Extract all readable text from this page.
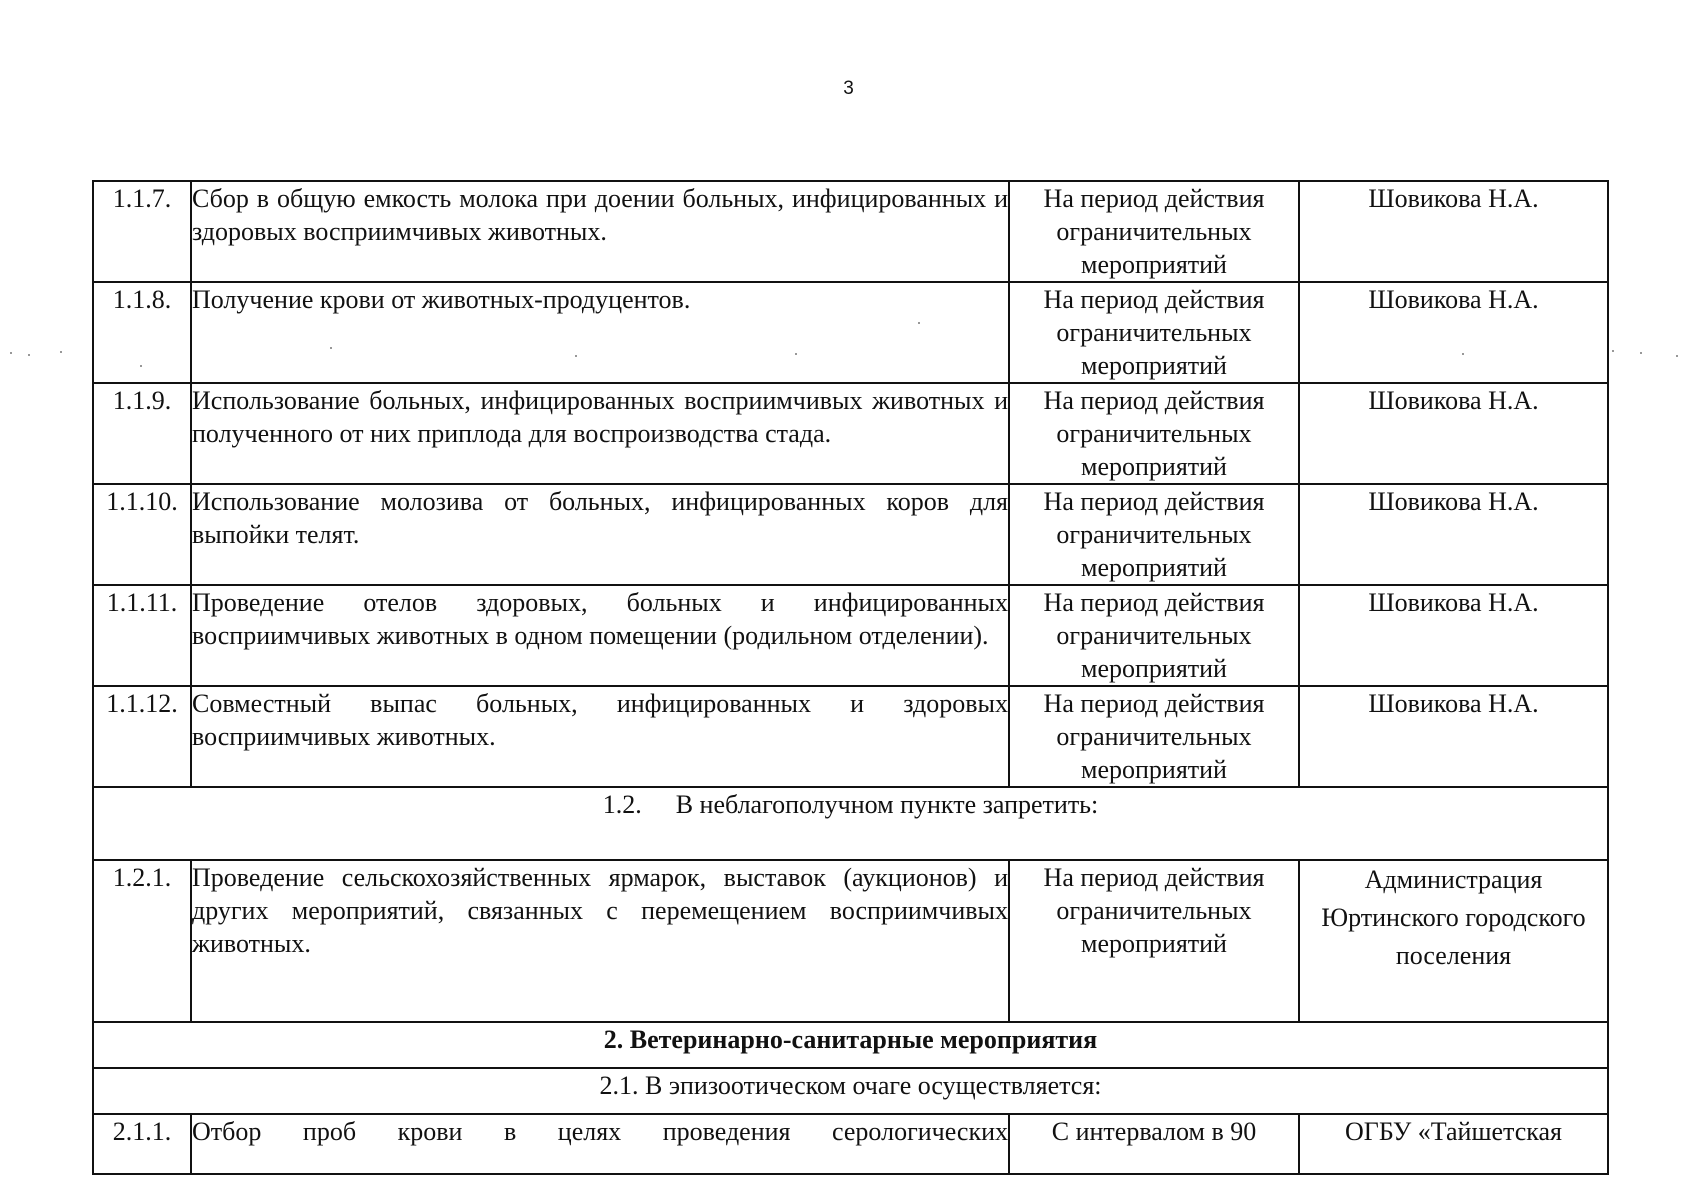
3
1.1.7.	Сбор в общую емкость молока при доении больных, инфицированных и здоровых восприимчивых животных.	На период действия ограничительных мероприятий	Шовикова Н.А.
1.1.8.	Получение крови от животных-продуцентов.	На период действия ограничительных мероприятий	Шовикова Н.А.
1.1.9.	Использование больных, инфицированных восприимчивых животных и полученного от них приплода для воспроизводства стада.	На период действия ограничительных мероприятий	Шовикова Н.А.
1.1.10.	Использование молозива от больных, инфицированных коров для выпойки телят.	На период действия ограничительных мероприятий	Шовикова Н.А.
1.1.11.	Проведение отелов здоровых, больных и инфицированных восприимчивых животных в одном помещении (родильном отделении).	На период действия ограничительных мероприятий	Шовикова Н.А.
1.1.12.	Совместный выпас больных, инфицированных и здоровых восприимчивых животных.	На период действия ограничительных мероприятий	Шовикова Н.А.
1.2. В неблагополучном пункте запретить:			
1.2.1.	Проведение сельскохозяйственных ярмарок, выставок (аукционов) и других мероприятий, связанных с перемещением восприимчивых животных.	На период действия ограничительных мероприятий	Администрация Юртинского городского поселения
2. Ветеринарно-санитарные мероприятия			
2.1. В эпизоотическом очаге осуществляется:			
2.1.1.	Отбор проб крови в целях проведения серологических	С интервалом в 90	ОГБУ «Тайшетская
